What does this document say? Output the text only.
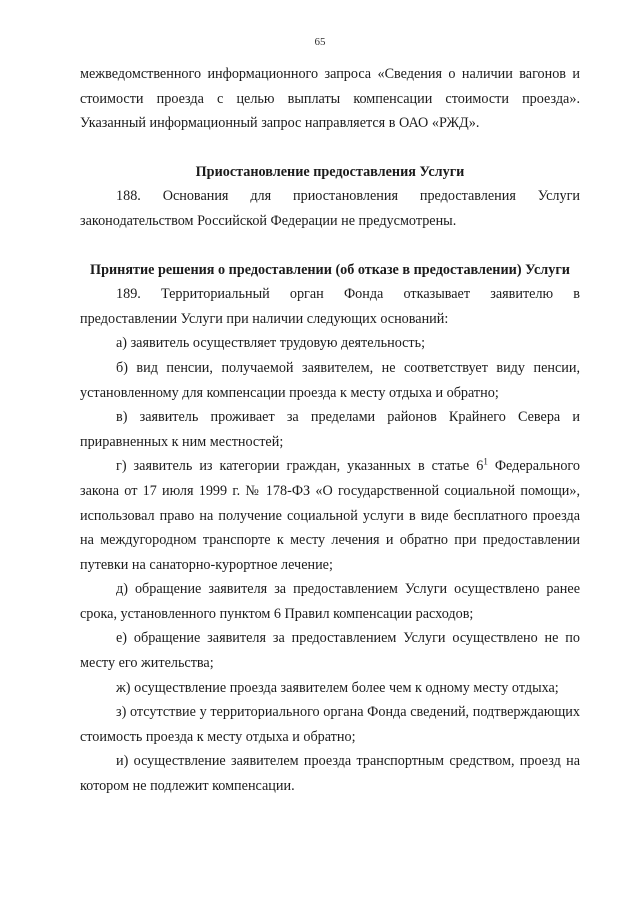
65

межведомственного информационного запроса «Сведения о наличии вагонов и стоимости проезда с целью выплаты компенсации стоимости проезда». Указанный информационный запрос направляется в ОАО «РЖД».

Приостановление предоставления Услуги

188. Основания для приостановления предоставления Услуги законодательством Российской Федерации не предусмотрены.

Принятие решения о предоставлении (об отказе в предоставлении) Услуги

189. Территориальный орган Фонда отказывает заявителю в предоставлении Услуги при наличии следующих оснований:

а) заявитель осуществляет трудовую деятельность;

б) вид пенсии, получаемой заявителем, не соответствует виду пенсии, установленному для компенсации проезда к месту отдыха и обратно;

в) заявитель проживает за пределами районов Крайнего Севера и приравненных к ним местностей;

г) заявитель из категории граждан, указанных в статье $6^1$ Федерального закона от 17 июля 1999 г. № 178-ФЗ «О государственной социальной помощи», использовал право на получение социальной услуги в виде бесплатного проезда на междугородном транспорте к месту лечения и обратно при предоставлении путевки на санаторно-курортное лечение;

д) обращение заявителя за предоставлением Услуги осуществлено ранее срока, установленного пунктом 6 Правил компенсации расходов;

е) обращение заявителя за предоставлением Услуги осуществлено не по месту его жительства;

ж) осуществление проезда заявителем более чем к одному месту отдыха;

з) отсутствие у территориального органа Фонда сведений, подтверждающих стоимость проезда к месту отдыха и обратно;

и) осуществление заявителем проезда транспортным средством, проезд на котором не подлежит компенсации.
